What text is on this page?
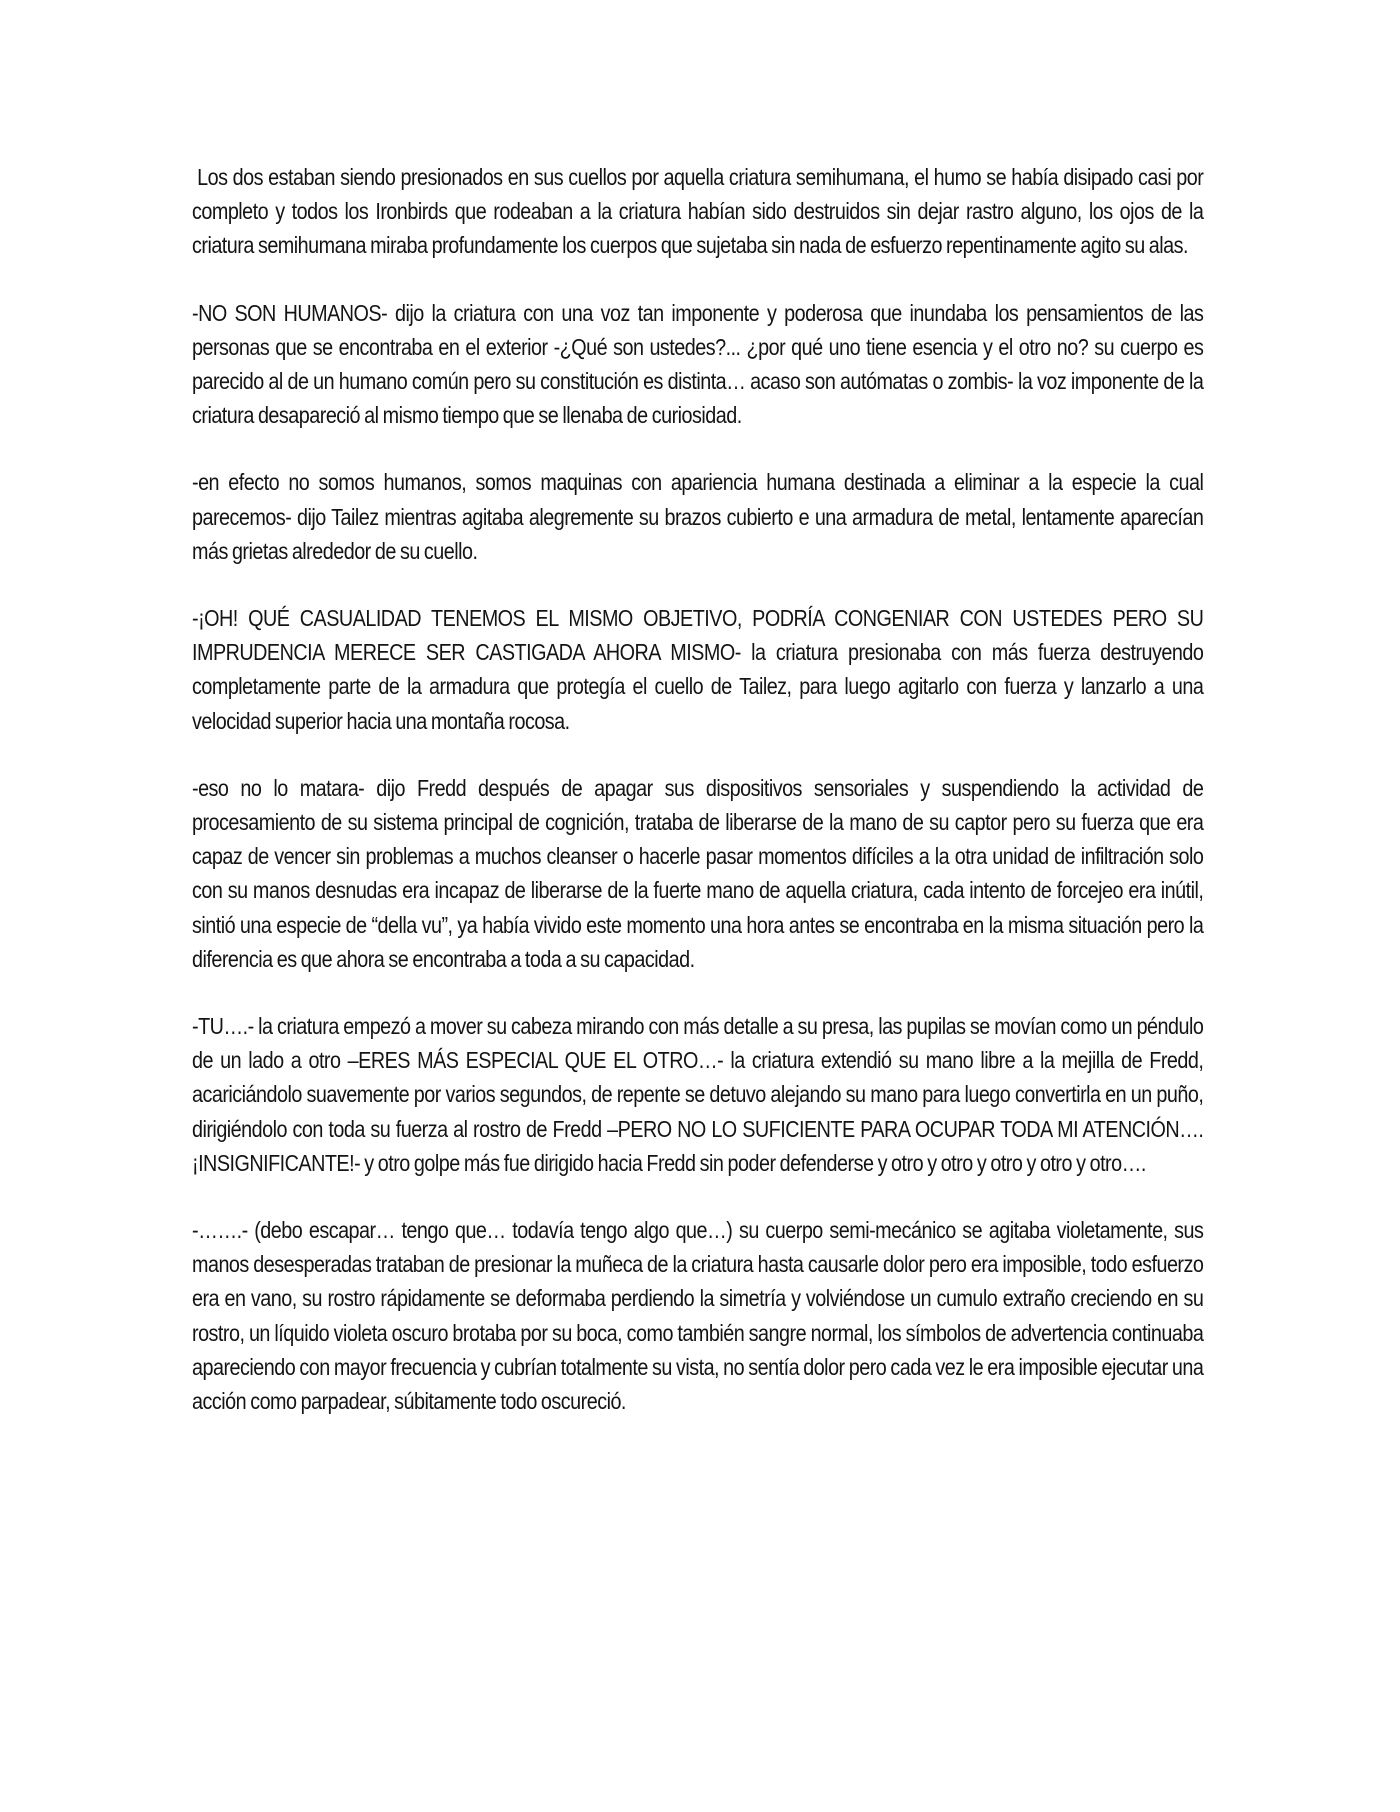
Los dos estaban siendo presionados en sus cuellos por aquella criatura semihumana, el humo se había disipado casi por completo y todos los Ironbirds que rodeaban a la criatura habían sido destruidos sin dejar rastro alguno, los ojos de la criatura semihumana miraba profundamente los cuerpos que sujetaba sin nada de esfuerzo repentinamente agito su alas.

-NO SON HUMANOS- dijo la criatura con una voz tan imponente y poderosa que inundaba los pensamientos de las personas que se encontraba en el exterior -¿Qué son ustedes?... ¿por qué uno tiene esencia y el otro no? su cuerpo es parecido al de un humano común pero su constitución es distinta… acaso son autómatas o zombis- la voz imponente de la criatura desapareció al mismo tiempo que se llenaba de curiosidad.

-en efecto no somos humanos, somos maquinas con apariencia humana destinada a eliminar a la especie la cual parecemos- dijo Tailez mientras agitaba alegremente su brazos cubierto e una armadura de metal, lentamente aparecían más grietas alrededor de su cuello.

-¡OH! QUÉ CASUALIDAD TENEMOS EL MISMO OBJETIVO, PODRÍA CONGENIAR CON USTEDES PERO SU IMPRUDENCIA MERECE SER CASTIGADA AHORA MISMO- la criatura presionaba con más fuerza destruyendo completamente parte de la armadura que protegía el cuello de Tailez, para luego agitarlo con fuerza y lanzarlo a una velocidad superior hacia una montaña rocosa.

-eso no lo matara- dijo Fredd después de apagar sus dispositivos sensoriales y suspendiendo la actividad de procesamiento de su sistema principal de cognición, trataba de liberarse de la mano de su captor pero su fuerza que era capaz de vencer sin problemas a muchos cleanser o hacerle pasar momentos difíciles a la otra unidad de infiltración solo con su manos desnudas era incapaz de liberarse de la fuerte mano de aquella criatura, cada intento de forcejeo era inútil, sintió una especie de “della vu”, ya había vivido este momento una hora antes se encontraba en la misma situación pero la diferencia es que ahora se encontraba a toda a su capacidad.

-TU….- la criatura empezó a mover su cabeza mirando con más detalle a su presa, las pupilas se movían como un péndulo de un lado a otro –ERES MÁS ESPECIAL QUE EL OTRO…- la criatura extendió su mano libre a la mejilla de Fredd, acariciándolo suavemente por varios segundos, de repente se detuvo alejando su mano para luego convertirla en un puño, dirigiéndolo con toda su fuerza al rostro de Fredd –PERO NO LO SUFICIENTE PARA OCUPAR TODA MI ATENCIÓN…. ¡INSIGNIFICANTE!- y otro golpe más fue dirigido hacia Fredd sin poder defenderse y otro y otro y otro y otro y otro….

-…….- (debo escapar… tengo que… todavía tengo algo que…) su cuerpo semi-mecánico se agitaba violetamente, sus manos desesperadas trataban de presionar la muñeca de la criatura hasta causarle dolor pero era imposible, todo esfuerzo era en vano, su rostro rápidamente se deformaba perdiendo la simetría y volviéndose un cumulo extraño creciendo en su rostro, un líquido violeta oscuro brotaba por su boca, como también sangre normal, los símbolos de advertencia continuaba apareciendo con mayor frecuencia y cubrían totalmente su vista, no sentía dolor pero cada vez le era imposible ejecutar una acción como parpadear, súbitamente todo oscureció.
